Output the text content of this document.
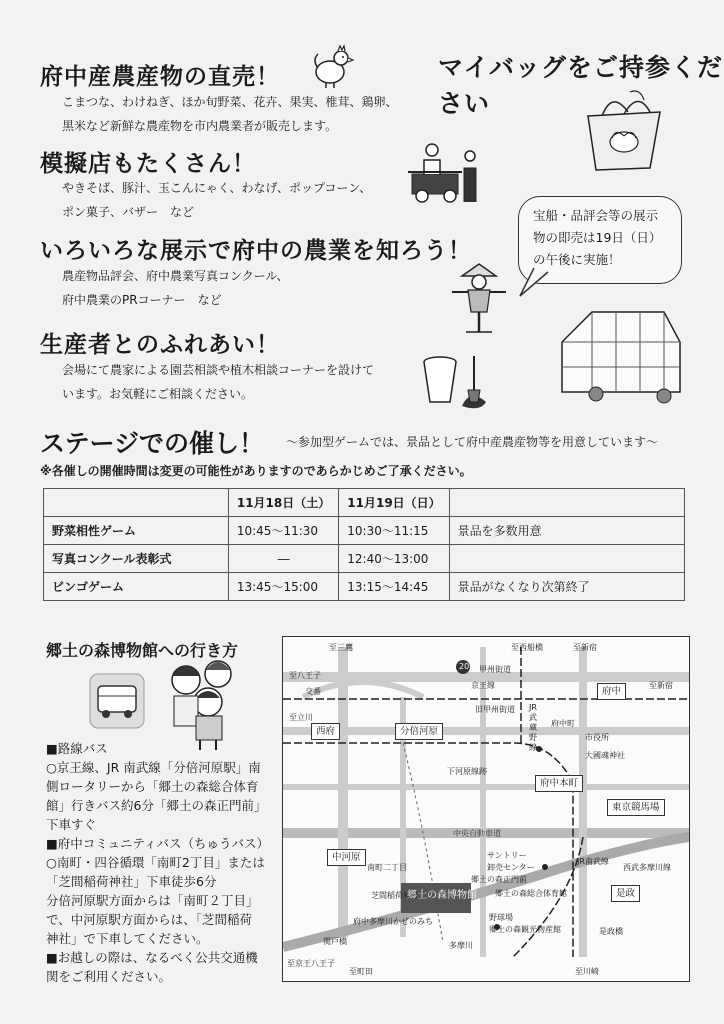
府中産農産物の直売！
こまつな、わけねぎ、ほか旬野菜、花卉、果実、椎茸、鶏卵、
黒米など新鮮な農産物を市内農業者が販売します。
模擬店もたくさん！
やきそば、豚汁、玉こんにゃく、わなげ、ポップコーン、
ポン菓子、バザー　など
いろいろな展示で府中の農業を知ろう！
農産物品評会、府中農業写真コンクール、
府中農業のPRコーナー　など
生産者とのふれあい！
会場にて農家による園芸相談や植木相談コーナーを設けて
います。お気軽にご相談ください。
マイバッグをご持参ください
宝船・品評会等の展示物の即売は19日（日）の午後に実施！
ステージでの催し！ ～参加型ゲームでは、景品として府中産農産物等を用意しています～
※各催しの開催時間は変更の可能性がありますのであらかじめご了承ください。
	11月18日（土）	11月19日（日）	
野菜相性ゲーム	10:45～11:30	10:30～11:15	景品を多数用意
写真コンクール表彰式	―	12:40～13:00	
ビンゴゲーム	13:45～15:00	13:15～14:45	景品がなくなり次第終了
郷土の森博物館への行き方
■路線バス
○京王線、JR 南武線「分倍河原駅」南
側ロータリーから「郷土の森総合体育
館」行きバス約6分「郷土の森正門前」
下車すぐ
■府中コミュニティバス（ちゅうバス）
○南町・四谷循環「南町2丁目」または
「芝間稲荷神社」下車徒歩6分
分倍河原駅方面からは「南町２丁目」
で、中河原駅方面からは、「芝間稲荷
神社」で下車してください。
■お越しの際は、なるべく公共交通機
関をご利用ください。
至三鷹	至西船橋	至新宿
至八王子
20 甲州街道
京王線
交番	府中
至新宿
旧甲州街道
至立川
JR武蔵野線
府中町
市役所
大國魂神社
西府	分倍河原
下河原線跡
府中本町
東京競馬場
中央自動車道
中河原	サントリー
卸売センター
南町二丁目
郷土の森正門前
郷土の森総合体育館
芝間稲荷神社
郷土の森博物館
JR南武線
西武多摩川線
是政
野球場
郷土の森観光物産館
府中多摩川かぜのみち
多摩川
関戸橋
至京王八王子
至町田	至川崎
是政橋
